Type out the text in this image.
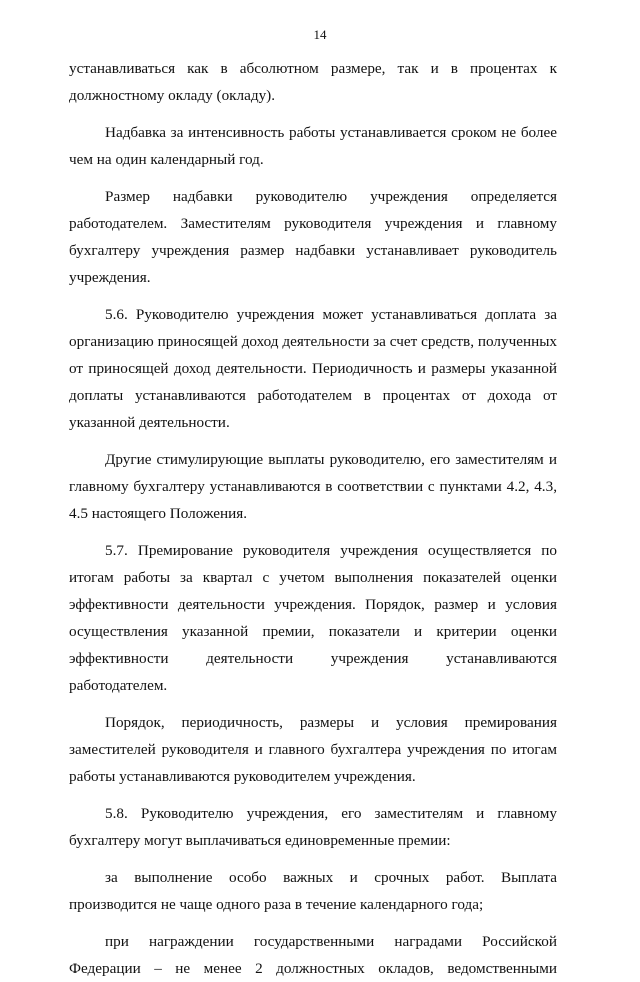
14

устанавливаться как в абсолютном размере, так и в процентах к должностному окладу (окладу).

Надбавка за интенсивность работы устанавливается сроком не более чем на один календарный год.

Размер надбавки руководителю учреждения определяется работодателем. Заместителям руководителя учреждения и главному бухгалтеру учреждения размер надбавки устанавливает руководитель учреждения.

5.6. Руководителю учреждения может устанавливаться доплата за организацию приносящей доход деятельности за счет средств, полученных от приносящей доход деятельности. Периодичность и размеры указанной доплаты устанавливаются работодателем в процентах от дохода от указанной деятельности.

Другие стимулирующие выплаты руководителю, его заместителям и главному бухгалтеру устанавливаются в соответствии с пунктами 4.2, 4.3, 4.5 настоящего Положения.

5.7. Премирование руководителя учреждения осуществляется по итогам работы за квартал с учетом выполнения показателей оценки эффективности деятельности учреждения. Порядок, размер и условия осуществления указанной премии, показатели и критерии оценки эффективности деятельности учреждения устанавливаются работодателем.

Порядок, периодичность, размеры и условия премирования заместителей руководителя и главного бухгалтера учреждения по итогам работы устанавливаются руководителем учреждения.

5.8. Руководителю учреждения, его заместителям и главному бухгалтеру могут выплачиваться единовременные премии:

за выполнение особо важных и срочных работ. Выплата производится не чаще одного раза в течение календарного года;

при награждении государственными наградами Российской Федерации – не менее 2 должностных окладов, ведомственными
